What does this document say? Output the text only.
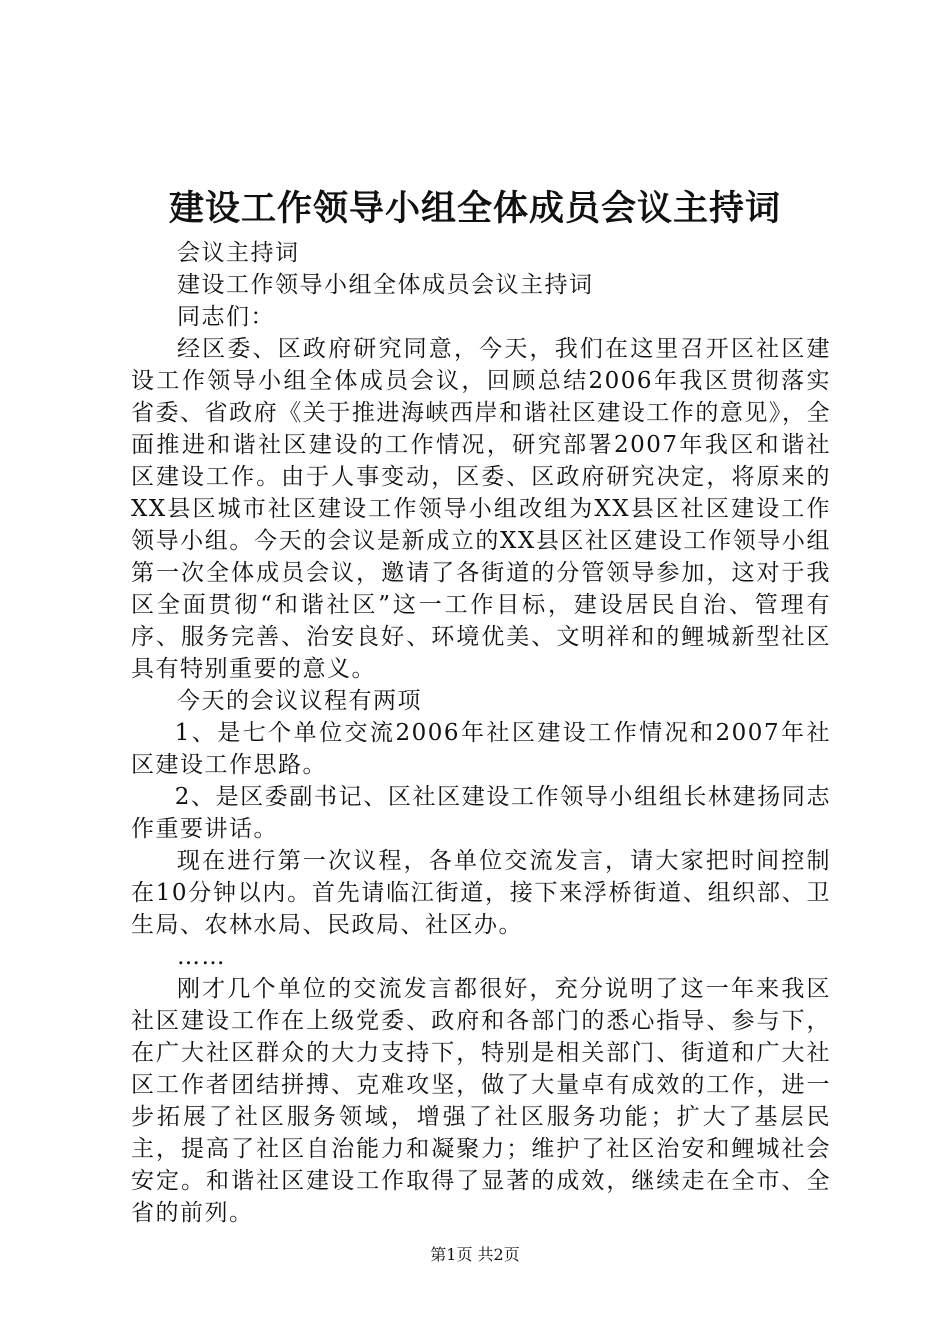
建设工作领导小组全体成员会议主持词

会议主持词

建设工作领导小组全体成员会议主持词

同志们：

经区委、区政府研究同意，今天，我们在这里召开区社区建设工作领导小组全体成员会议，回顾总结2006年我区贯彻落实省委、省政府《关于推进海峡西岸和谐社区建设工作的意见》，全面推进和谐社区建设的工作情况，研究部署2007年我区和谐社区建设工作。由于人事变动，区委、区政府研究决定，将原来的XX县区城市社区建设工作领导小组改组为XX县区社区建设工作领导小组。今天的会议是新成立的XX县区社区建设工作领导小组第一次全体成员会议，邀请了各街道的分管领导参加，这对于我区全面贯彻“和谐社区”这一工作目标，建设居民自治、管理有序、服务完善、治安良好、环境优美、文明祥和的鲤城新型社区具有特别重要的意义。

今天的会议议程有两项

1、是七个单位交流2006年社区建设工作情况和2007年社区建设工作思路。

2、是区委副书记、区社区建设工作领导小组组长林建扬同志作重要讲话。

现在进行第一次议程，各单位交流发言，请大家把时间控制在10分钟以内。首先请临江街道，接下来浮桥街道、组织部、卫生局、农林水局、民政局、社区办。

……

刚才几个单位的交流发言都很好，充分说明了这一年来我区社区建设工作在上级党委、政府和各部门的悉心指导、参与下，在广大社区群众的大力支持下，特别是相关部门、街道和广大社区工作者团结拼搏、克难攻坚，做了大量卓有成效的工作，进一步拓展了社区服务领域，增强了社区服务功能；扩大了基层民主，提高了社区自治能力和凝聚力；维护了社区治安和鲤城社会安定。和谐社区建设工作取得了显著的成效，继续走在全市、全省的前列。

第1页 共2页
